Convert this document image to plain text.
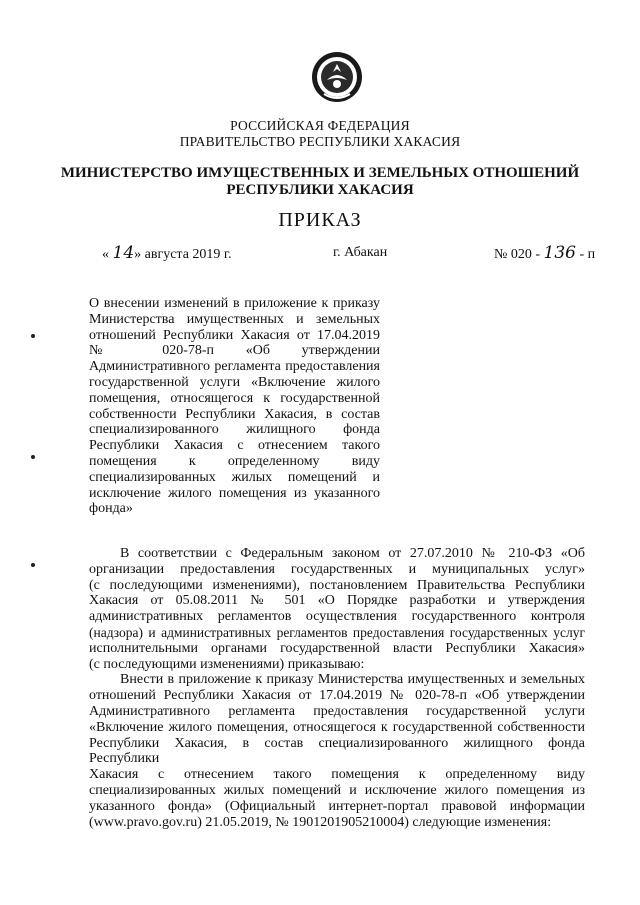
РОССИЙСКАЯ ФЕДЕРАЦИЯ
ПРАВИТЕЛЬСТВО РЕСПУБЛИКИ ХАКАСИЯ
МИНИСТЕРСТВО ИМУЩЕСТВЕННЫХ И ЗЕМЕЛЬНЫХ ОТНОШЕНИЙ
РЕСПУБЛИКИ ХАКАСИЯ
ПРИКАЗ
« 14» августа 2019 г.	г. Абакан	№ 020 - 136 - п
О внесении изменений в приложение к приказу
Министерства имущественных и земельных
отношений Республики Хакасия от 17.04.2019
№ 020-78-п «Об утверждении
Административного регламента предоставления
государственной услуги «Включение жилого
помещения, относящегося к государственной
собственности Республики Хакасия, в состав
специализированного жилищного фонда
Республики Хакасия с отнесением такого
помещения к определенному виду
специализированных жилых помещений и
исключение жилого помещения из указанного
фонда»
В соответствии с Федеральным законом от 27.07.2010 № 210-ФЗ «Об
организации предоставления государственных и муниципальных услуг»
(с последующими изменениями), постановлением Правительства Республики
Хакасия от 05.08.2011 № 501 «О Порядке разработки и утверждения
административных регламентов осуществления государственного контроля
(надзора) и административных регламентов предоставления государственных услуг
исполнительными органами государственной власти Республики Хакасия»
(с последующими изменениями) приказываю:
Внести в приложение к приказу Министерства имущественных и земельных
отношений Республики Хакасия от 17.04.2019 № 020-78-п «Об утверждении
Административного регламента предоставления государственной услуги
«Включение жилого помещения, относящегося к государственной собственности
Республики Хакасия, в состав специализированного жилищного фонда Республики
Хакасия с отнесением такого помещения к определенному виду
специализированных жилых помещений и исключение жилого помещения из
указанного фонда» (Официальный интернет-портал правовой информации
(www.pravo.gov.ru) 21.05.2019, № 1901201905210004) следующие изменения:
